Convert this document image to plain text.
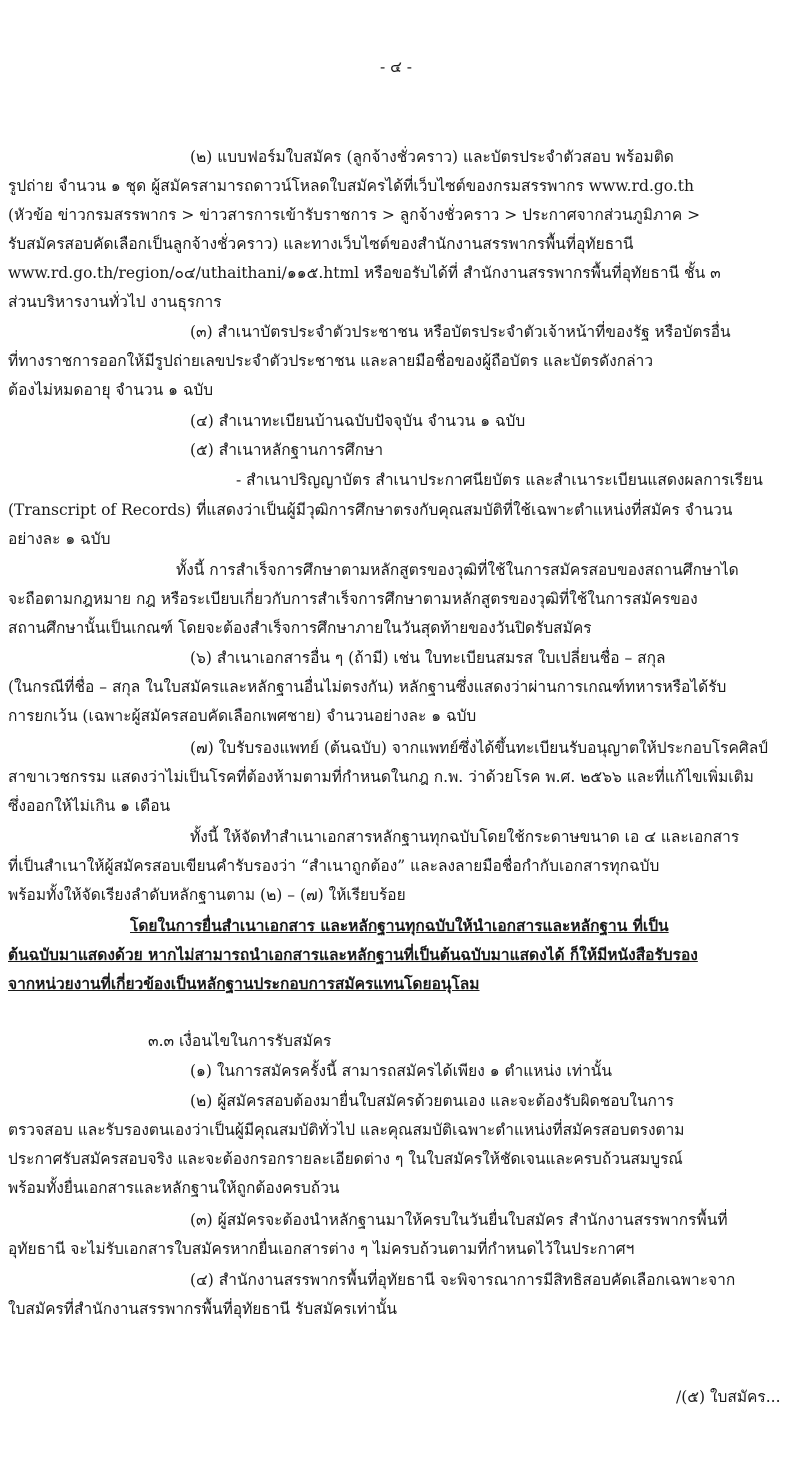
- ๔ -
(๒) แบบฟอร์มใบสมัคร (ลูกจ้างชั่วคราว) และบัตรประจำตัวสอบ พร้อมติด
รูปถ่าย จำนวน ๑ ชุด ผู้สมัครสามารถดาวน์โหลดใบสมัครได้ที่เว็บไซต์ของกรมสรรพากร www.rd.go.th
(หัวข้อ ข่าวกรมสรรพากร > ข่าวสารการเข้ารับราชการ > ลูกจ้างชั่วคราว > ประกาศจากส่วนภูมิภาค >
รับสมัครสอบคัดเลือกเป็นลูกจ้างชั่วคราว) และทางเว็บไซต์ของสำนักงานสรรพากรพื้นที่อุทัยธานี
www.rd.go.th/region/๐๔/uthaithani/๑๑๕.html หรือขอรับได้ที่ สำนักงานสรรพากรพื้นที่อุทัยธานี ชั้น ๓
ส่วนบริหารงานทั่วไป งานธุรการ
(๓) สำเนาบัตรประจำตัวประชาชน หรือบัตรประจำตัวเจ้าหน้าที่ของรัฐ หรือบัตรอื่น
ที่ทางราชการออกให้มีรูปถ่ายเลขประจำตัวประชาชน และลายมือชื่อของผู้ถือบัตร และบัตรดังกล่าว
ต้องไม่หมดอายุ จำนวน ๑ ฉบับ
(๔) สำเนาทะเบียนบ้านฉบับปัจจุบัน จำนวน ๑ ฉบับ
(๕) สำเนาหลักฐานการศึกษา
- สำเนาปริญญาบัตร สำเนาประกาศนียบัตร และสำเนาระเบียนแสดงผลการเรียน
(Transcript of Records) ที่แสดงว่าเป็นผู้มีวุฒิการศึกษาตรงกับคุณสมบัติที่ใช้เฉพาะตำแหน่งที่สมัคร จำนวน
อย่างละ ๑ ฉบับ
ทั้งนี้ การสำเร็จการศึกษาตามหลักสูตรของวุฒิที่ใช้ในการสมัครสอบของสถานศึกษาได
จะถือตามกฎหมาย กฎ หรือระเบียบเกี่ยวกับการสำเร็จการศึกษาตามหลักสูตรของวุฒิที่ใช้ในการสมัครของ
สถานศึกษานั้นเป็นเกณฑ์ โดยจะต้องสำเร็จการศึกษาภายในวันสุดท้ายของวันปิดรับสมัคร
(๖) สำเนาเอกสารอื่น ๆ (ถ้ามี) เช่น ใบทะเบียนสมรส ใบเปลี่ยนชื่อ – สกุล
(ในกรณีที่ชื่อ – สกุล ในใบสมัครและหลักฐานอื่นไม่ตรงกัน) หลักฐานซึ่งแสดงว่าผ่านการเกณฑ์ทหารหรือได้รับ
การยกเว้น (เฉพาะผู้สมัครสอบคัดเลือกเพศชาย) จำนวนอย่างละ ๑ ฉบับ
(๗) ใบรับรองแพทย์ (ต้นฉบับ) จากแพทย์ซึ่งได้ขึ้นทะเบียนรับอนุญาตให้ประกอบโรคศิลป์
สาขาเวชกรรม แสดงว่าไม่เป็นโรคที่ต้องห้ามตามที่กำหนดในกฎ ก.พ. ว่าด้วยโรค พ.ศ. ๒๕๖๖ และที่แก้ไขเพิ่มเติม
ซึ่งออกให้ไม่เกิน ๑ เดือน
ทั้งนี้ ให้จัดทำสำเนาเอกสารหลักฐานทุกฉบับโดยใช้กระดาษขนาด เอ ๔ และเอกสาร
ที่เป็นสำเนาให้ผู้สมัครสอบเขียนคำรับรองว่า “สำเนาถูกต้อง” และลงลายมือชื่อกำกับเอกสารทุกฉบับ
พร้อมทั้งให้จัดเรียงลำดับหลักฐานตาม (๒) – (๗) ให้เรียบร้อย
โดยในการยื่นสำเนาเอกสาร และหลักฐานทุกฉบับให้นำเอกสารและหลักฐาน ที่เป็น
ต้นฉบับมาแสดงด้วย หากไม่สามารถนำเอกสารและหลักฐานที่เป็นต้นฉบับมาแสดงได้ ก็ให้มีหนังสือรับรอง
จากหน่วยงานที่เกี่ยวข้องเป็นหลักฐานประกอบการสมัครแทนโดยอนุโลม
๓.๓ เงื่อนไขในการรับสมัคร
(๑) ในการสมัครครั้งนี้ สามารถสมัครได้เพียง ๑ ตำแหน่ง เท่านั้น
(๒) ผู้สมัครสอบต้องมายื่นใบสมัครด้วยตนเอง และจะต้องรับผิดชอบในการ
ตรวจสอบ และรับรองตนเองว่าเป็นผู้มีคุณสมบัติทั่วไป และคุณสมบัติเฉพาะตำแหน่งที่สมัครสอบตรงตาม
ประกาศรับสมัครสอบจริง และจะต้องกรอกรายละเอียดต่าง ๆ ในใบสมัครให้ชัดเจนและครบถ้วนสมบูรณ์
พร้อมทั้งยื่นเอกสารและหลักฐานให้ถูกต้องครบถ้วน
(๓) ผู้สมัครจะต้องนำหลักฐานมาให้ครบในวันยื่นใบสมัคร สำนักงานสรรพากรพื้นที่
อุทัยธานี จะไม่รับเอกสารใบสมัครหากยื่นเอกสารต่าง ๆ ไม่ครบถ้วนตามที่กำหนดไว้ในประกาศฯ
(๔) สำนักงานสรรพากรพื้นที่อุทัยธานี จะพิจารณาการมีสิทธิสอบคัดเลือกเฉพาะจาก
ใบสมัครที่สำนักงานสรรพากรพื้นที่อุทัยธานี รับสมัครเท่านั้น
/(๕) ใบสมัคร...
